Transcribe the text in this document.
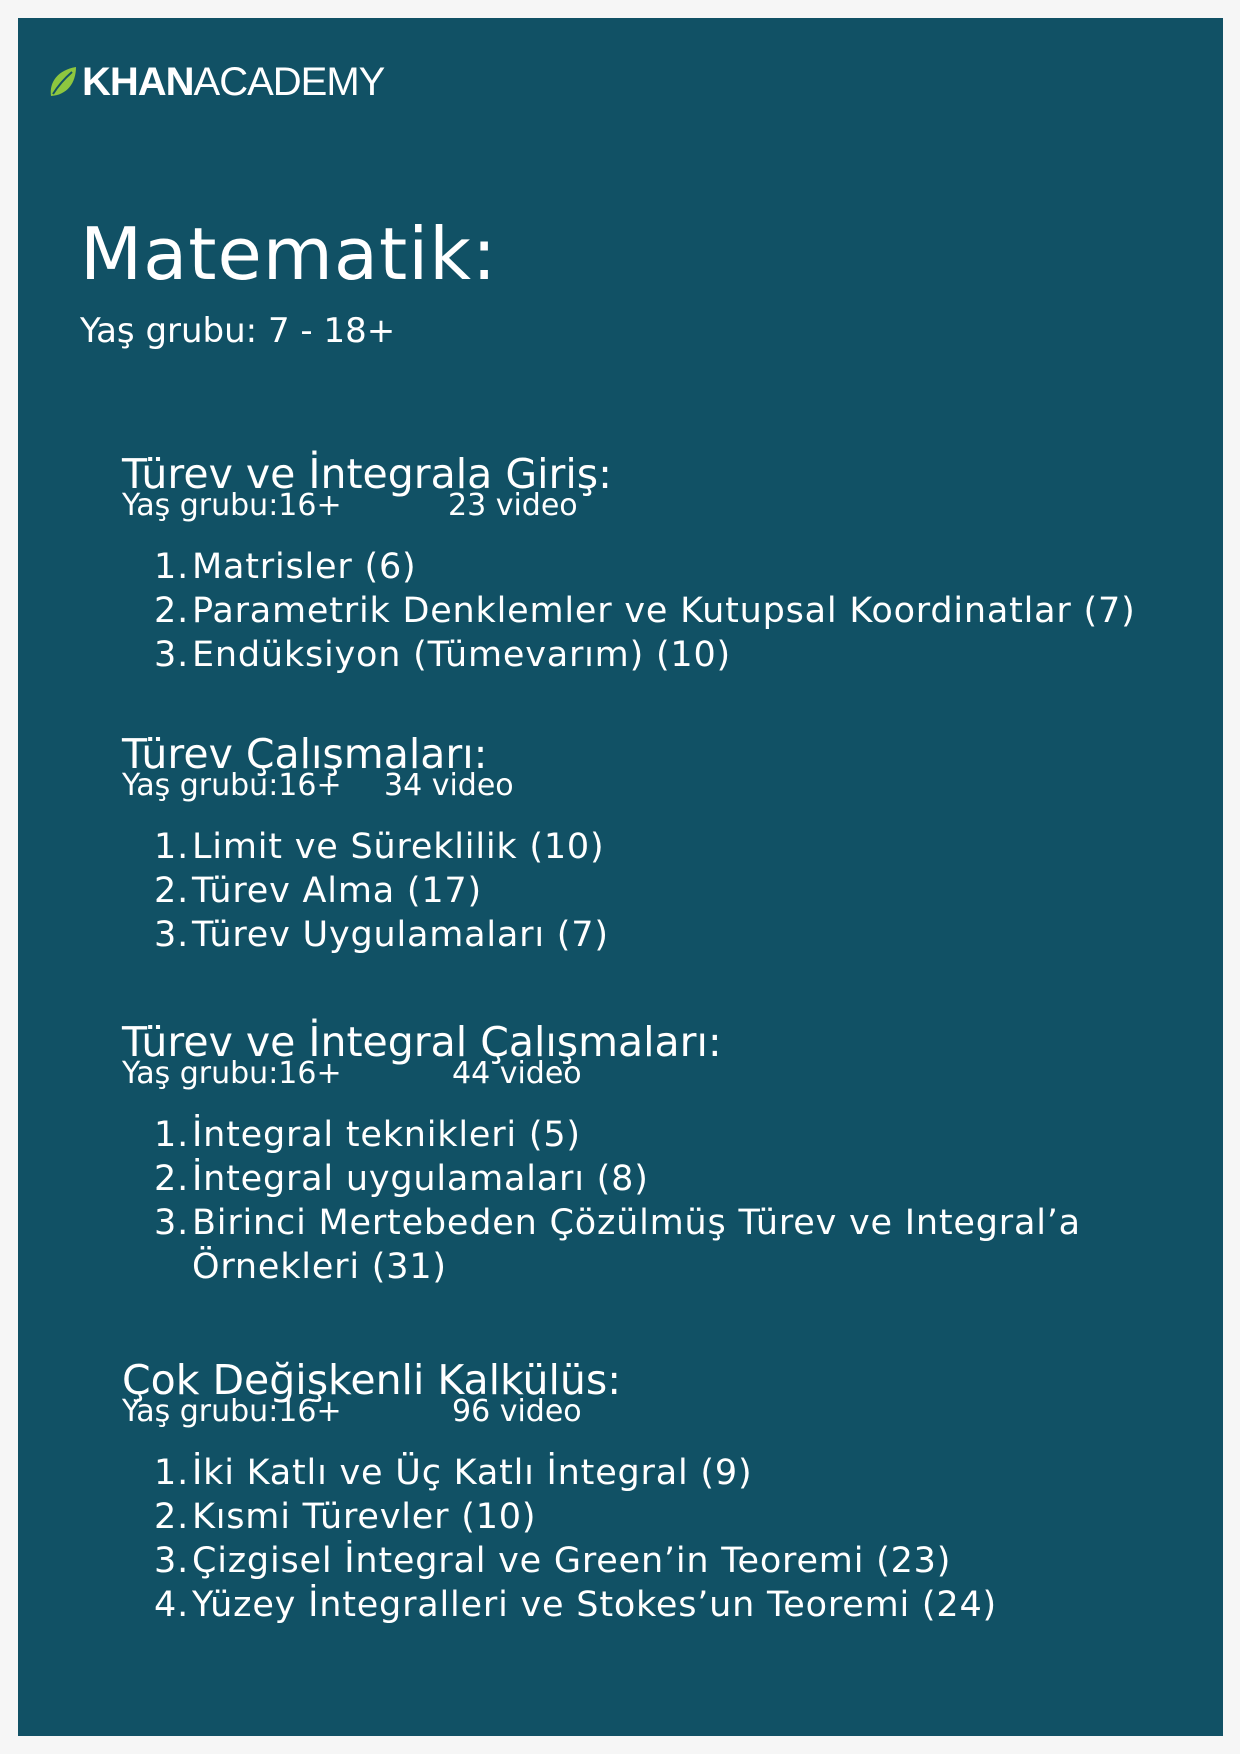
KHANACADEMY
Matematik:
Yaş grubu: 7 - 18+
Türev ve İntegrala Giriş:
Yaş grubu:16+	23 video
1. Matrisler (6)
2. Parametrik Denklemler ve Kutupsal Koordinatlar (7)
3. Endüksiyon (Tümevarım) (10)
Türev Çalışmaları:
Yaş grubu:16+ 34 video
1. Limit ve Süreklilik (10)
2. Türev Alma (17)
3. Türev Uygulamaları (7)
Türev ve İntegral Çalışmaları:
Yaş grubu:16+	44 video
1. İntegral teknikleri (5)
2. İntegral uygulamaları (8)
3. Birinci Mertebeden Çözülmüş Türev ve Integral’a Örnekleri (31)
Çok Değişkenli Kalkülüs:
Yaş grubu:16+	96 video
1. İki Katlı ve Üç Katlı İntegral (9)
2. Kısmi Türevler (10)
3. Çizgisel İntegral ve Green’in Teoremi (23)
4. Yüzey İntegralleri ve Stokes’un Teoremi (24)
